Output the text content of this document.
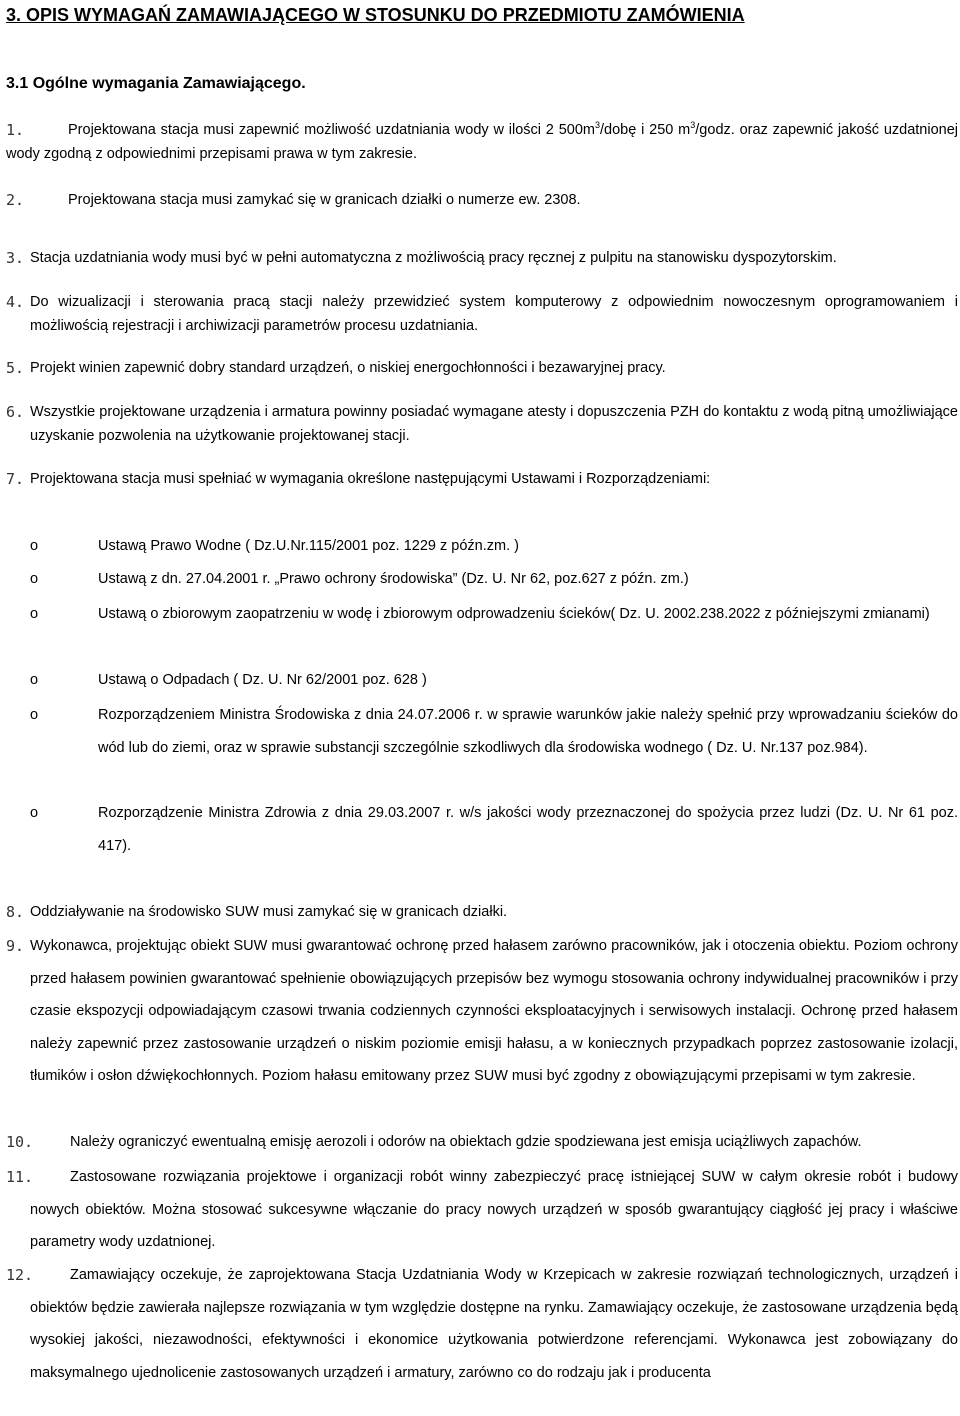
3. OPIS WYMAGAŃ ZAMAWIAJĄCEGO W STOSUNKU DO PRZEDMIOTU ZAMÓWIENIA
3.1 Ogólne wymagania Zamawiającego.
1.	Projektowana stacja musi zapewnić możliwość uzdatniania wody w ilości 2 $500m^3$/dobę i 250 $m^3$/godz. oraz zapewnić jakość uzdatnionej wody zgodną z odpowiednimi przepisami prawa w tym zakresie.
2.	Projektowana stacja musi zamykać się w granicach działki o numerze ew. 2308.
3. Stacja uzdatniania wody musi być w pełni automatyczna z możliwością pracy ręcznej z pulpitu na stanowisku dyspozytorskim.
4. Do wizualizacji i sterowania pracą stacji należy przewidzieć system komputerowy z odpowiednim nowoczesnym oprogramowaniem i możliwością rejestracji i archiwizacji parametrów procesu uzdatniania.
5. Projekt winien zapewnić dobry standard urządzeń, o niskiej energochłonności i bezawaryjnej pracy.
6. Wszystkie projektowane urządzenia i armatura powinny posiadać wymagane atesty i dopuszczenia PZH do kontaktu z wodą pitną umożliwiające uzyskanie pozwolenia na użytkowanie projektowanej stacji.
7. Projektowana stacja musi spełniać w wymagania określone następującymi Ustawami i Rozporządzeniami:
o	Ustawą Prawo Wodne ( Dz.U.Nr.115/2001 poz. 1229 z późn.zm. )
o	Ustawą z dn. 27.04.2001 r. „Prawo ochrony środowiska” (Dz. U. Nr 62, poz.627 z późn. zm.)
o	Ustawą o zbiorowym zaopatrzeniu w wodę i zbiorowym odprowadzeniu ścieków( Dz. U. 2002.238.2022 z późniejszymi zmianami)
o	Ustawą o Odpadach ( Dz. U. Nr 62/2001 poz. 628 )
o	Rozporządzeniem Ministra Środowiska z dnia 24.07.2006 r. w sprawie warunków jakie należy spełnić przy wprowadzaniu ścieków do wód lub do ziemi, oraz w sprawie substancji szczególnie szkodliwych dla środowiska wodnego ( Dz. U. Nr.137 poz.984).
o	Rozporządzenie Ministra Zdrowia z dnia 29.03.2007 r. w/s jakości wody przeznaczonej do spożycia przez ludzi (Dz. U. Nr 61 poz. 417).
8. Oddziaływanie na środowisko SUW musi zamykać się w granicach działki.
9. Wykonawca, projektując obiekt SUW musi gwarantować ochronę przed hałasem zarówno pracowników, jak i otoczenia obiektu. Poziom ochrony przed hałasem powinien gwarantować spełnienie obowiązujących przepisów bez wymogu stosowania ochrony indywidualnej pracowników i przy czasie ekspozycji odpowiadającym czasowi trwania codziennych czynności eksploatacyjnych i serwisowych instalacji. Ochronę przed hałasem należy zapewnić przez zastosowanie urządzeń o niskim poziomie emisji hałasu, a w koniecznych przypadkach poprzez zastosowanie izolacji, tłumików i osłon dźwiękochłonnych. Poziom hałasu emitowany przez SUW musi być zgodny z obowiązującymi przepisami w tym zakresie.
10.	Należy ograniczyć ewentualną emisję aerozoli i odorów na obiektach gdzie spodziewana jest emisja uciążliwych zapachów.
11.	Zastosowane rozwiązania projektowe i organizacji robót winny zabezpieczyć pracę istniejącej SUW w całym okresie robót i budowy nowych obiektów. Można stosować sukcesywne włączanie do pracy nowych urządzeń w sposób gwarantujący ciągłość jej pracy i właściwe parametry wody uzdatnionej.
12.	Zamawiający oczekuje, że zaprojektowana Stacja Uzdatniania Wody w Krzepicach w zakresie rozwiązań technologicznych, urządzeń i obiektów będzie zawierała najlepsze rozwiązania w tym względzie dostępne na rynku. Zamawiający oczekuje, że zastosowane urządzenia będą wysokiej jakości, niezawodności, efektywności i ekonomice użytkowania potwierdzone referencjami. Wykonawca jest zobowiązany do maksymalnego ujednolicenie zastosowanych urządzeń i armatury, zarówno co do rodzaju jak i producenta
